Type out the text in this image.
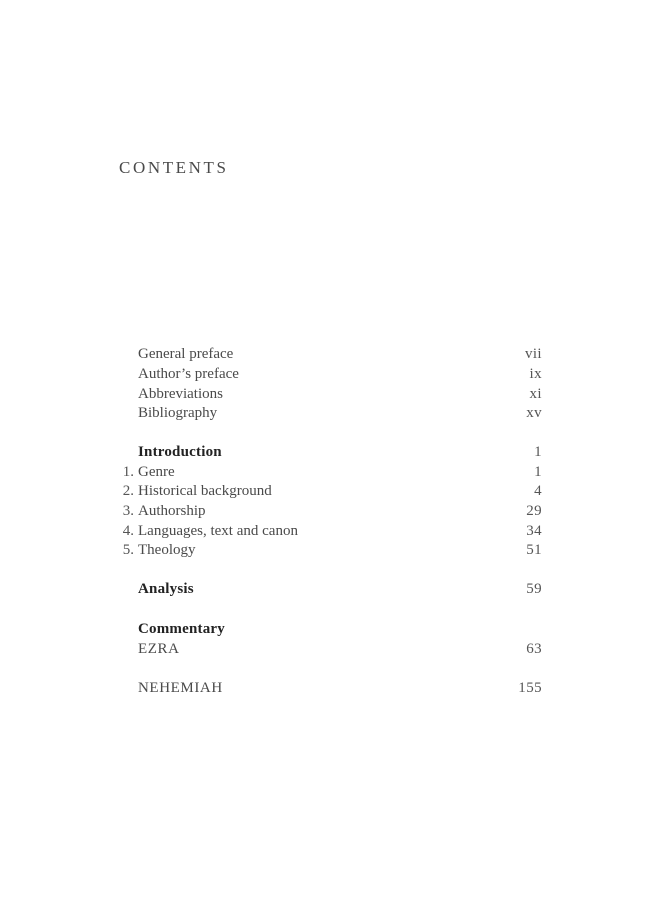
CONTENTS
General preface	vii
Author’s preface	ix
Abbreviations	xi
Bibliography	xv
Introduction	1
1. Genre	1
2. Historical background	4
3. Authorship	29
4. Languages, text and canon	34
5. Theology	51
Analysis	59
Commentary
EZRA	63
NEHEMIAH	155
